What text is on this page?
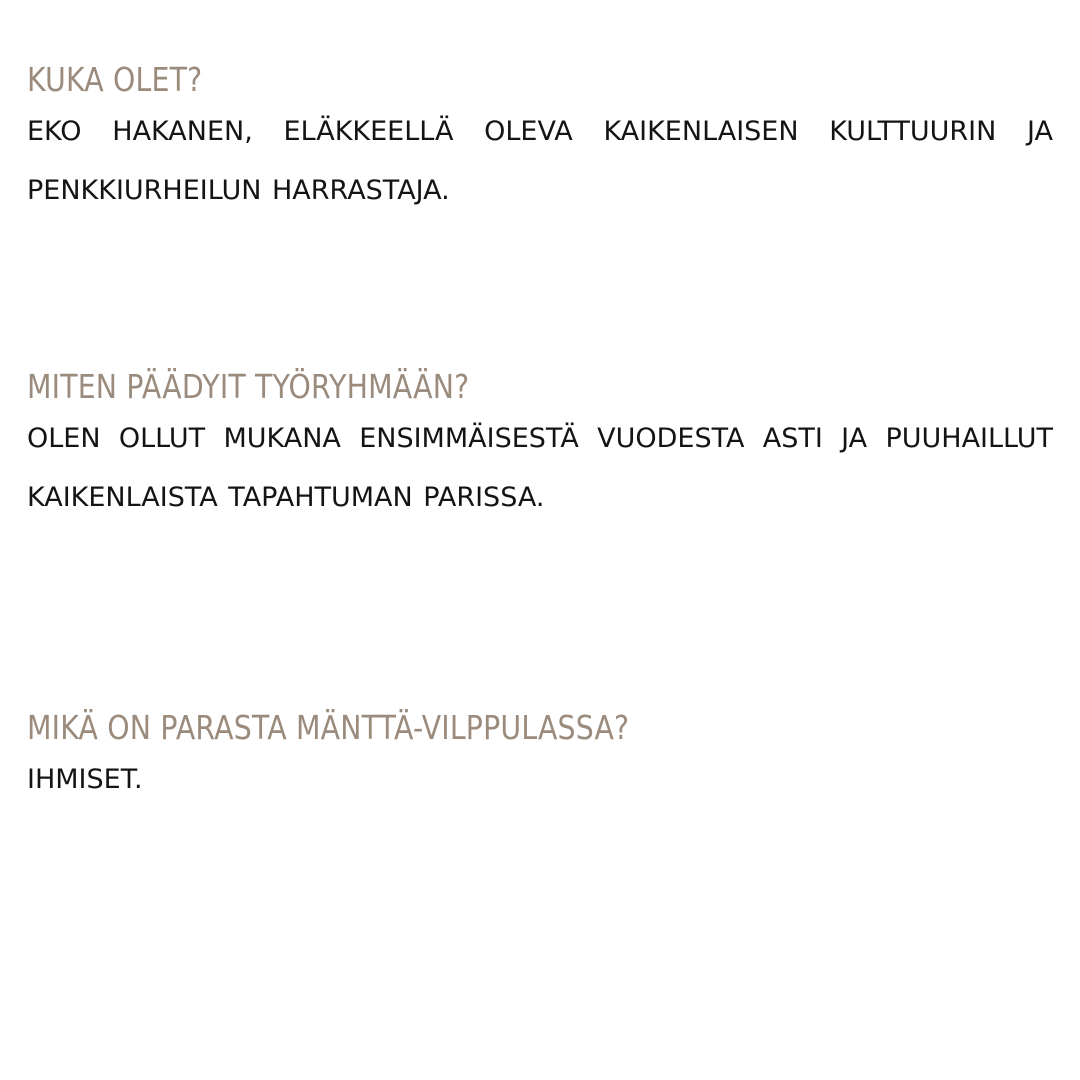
KUKA OLET?

EKO HAKANEN, ELÄKKEELLÄ OLEVA KAIKENLAISEN KULTTUURIN JA PENKKIURHEILUN HARRASTAJA.

MITEN PÄÄDYIT TYÖRYHMÄÄN?

OLEN OLLUT MUKANA ENSIMMÄISESTÄ VUODESTA ASTI JA PUUHAILLUT KAIKENLAISTA TAPAHTUMAN PARISSA.

MIKÄ ON PARASTA MÄNTTÄ-VILPPULASSA?

IHMISET.
